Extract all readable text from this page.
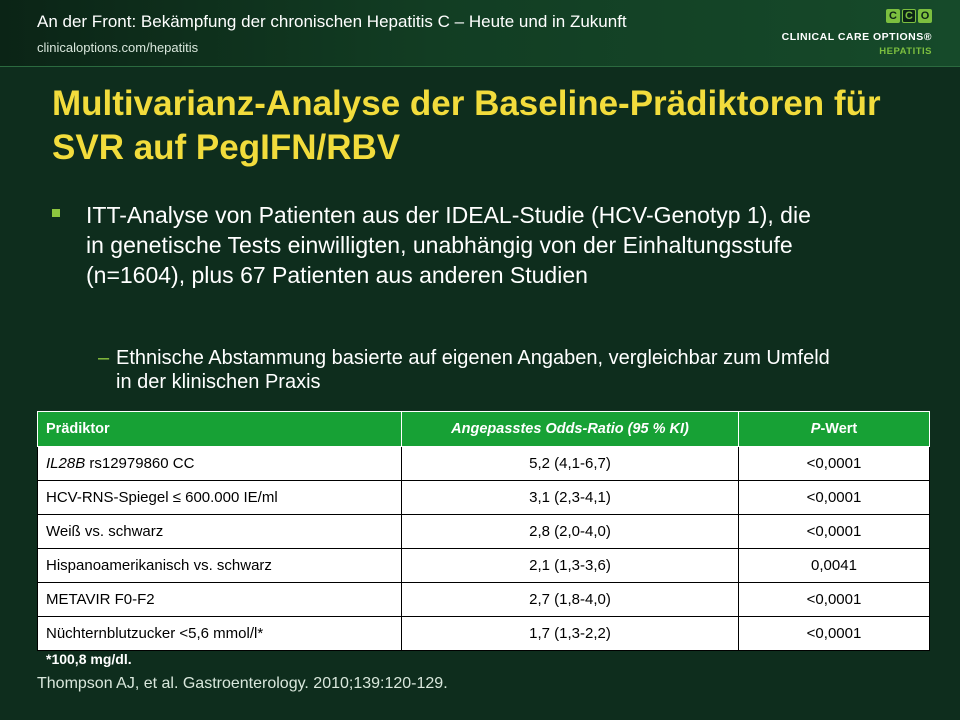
An der Front: Bekämpfung der chronischen Hepatitis C – Heute und in Zukunft
clinicaloptions.com/hepatitis
C C O
CLINICAL CARE OPTIONS®
HEPATITIS
Multivarianz-Analyse der Baseline-Prädiktoren für SVR auf PegIFN/RBV
ITT-Analyse von Patienten aus der IDEAL-Studie (HCV-Genotyp 1), die in genetische Tests einwilligten, unabhängig von der Einhaltungsstufe (n=1604), plus 67 Patienten aus anderen Studien
– Ethnische Abstammung basierte auf eigenen Angaben, vergleichbar zum Umfeld in der klinischen Praxis
Prädiktor	Angepasstes Odds-Ratio (95 % KI)	P-Wert
IL28B rs12979860 CC	5,2 (4,1-6,7)	<0,0001
HCV-RNS-Spiegel ≤ 600.000 IE/ml	3,1 (2,3-4,1)	<0,0001
Weiß vs. schwarz	2,8 (2,0-4,0)	<0,0001
Hispanoamerikanisch vs. schwarz	2,1 (1,3-3,6)	0,0041
METAVIR F0-F2	2,7 (1,8-4,0)	<0,0001
Nüchternblutzucker <5,6 mmol/l*	1,7 (1,3-2,2)	<0,0001
*100,8 mg/dl.
Thompson AJ, et al. Gastroenterology. 2010;139:120-129.
